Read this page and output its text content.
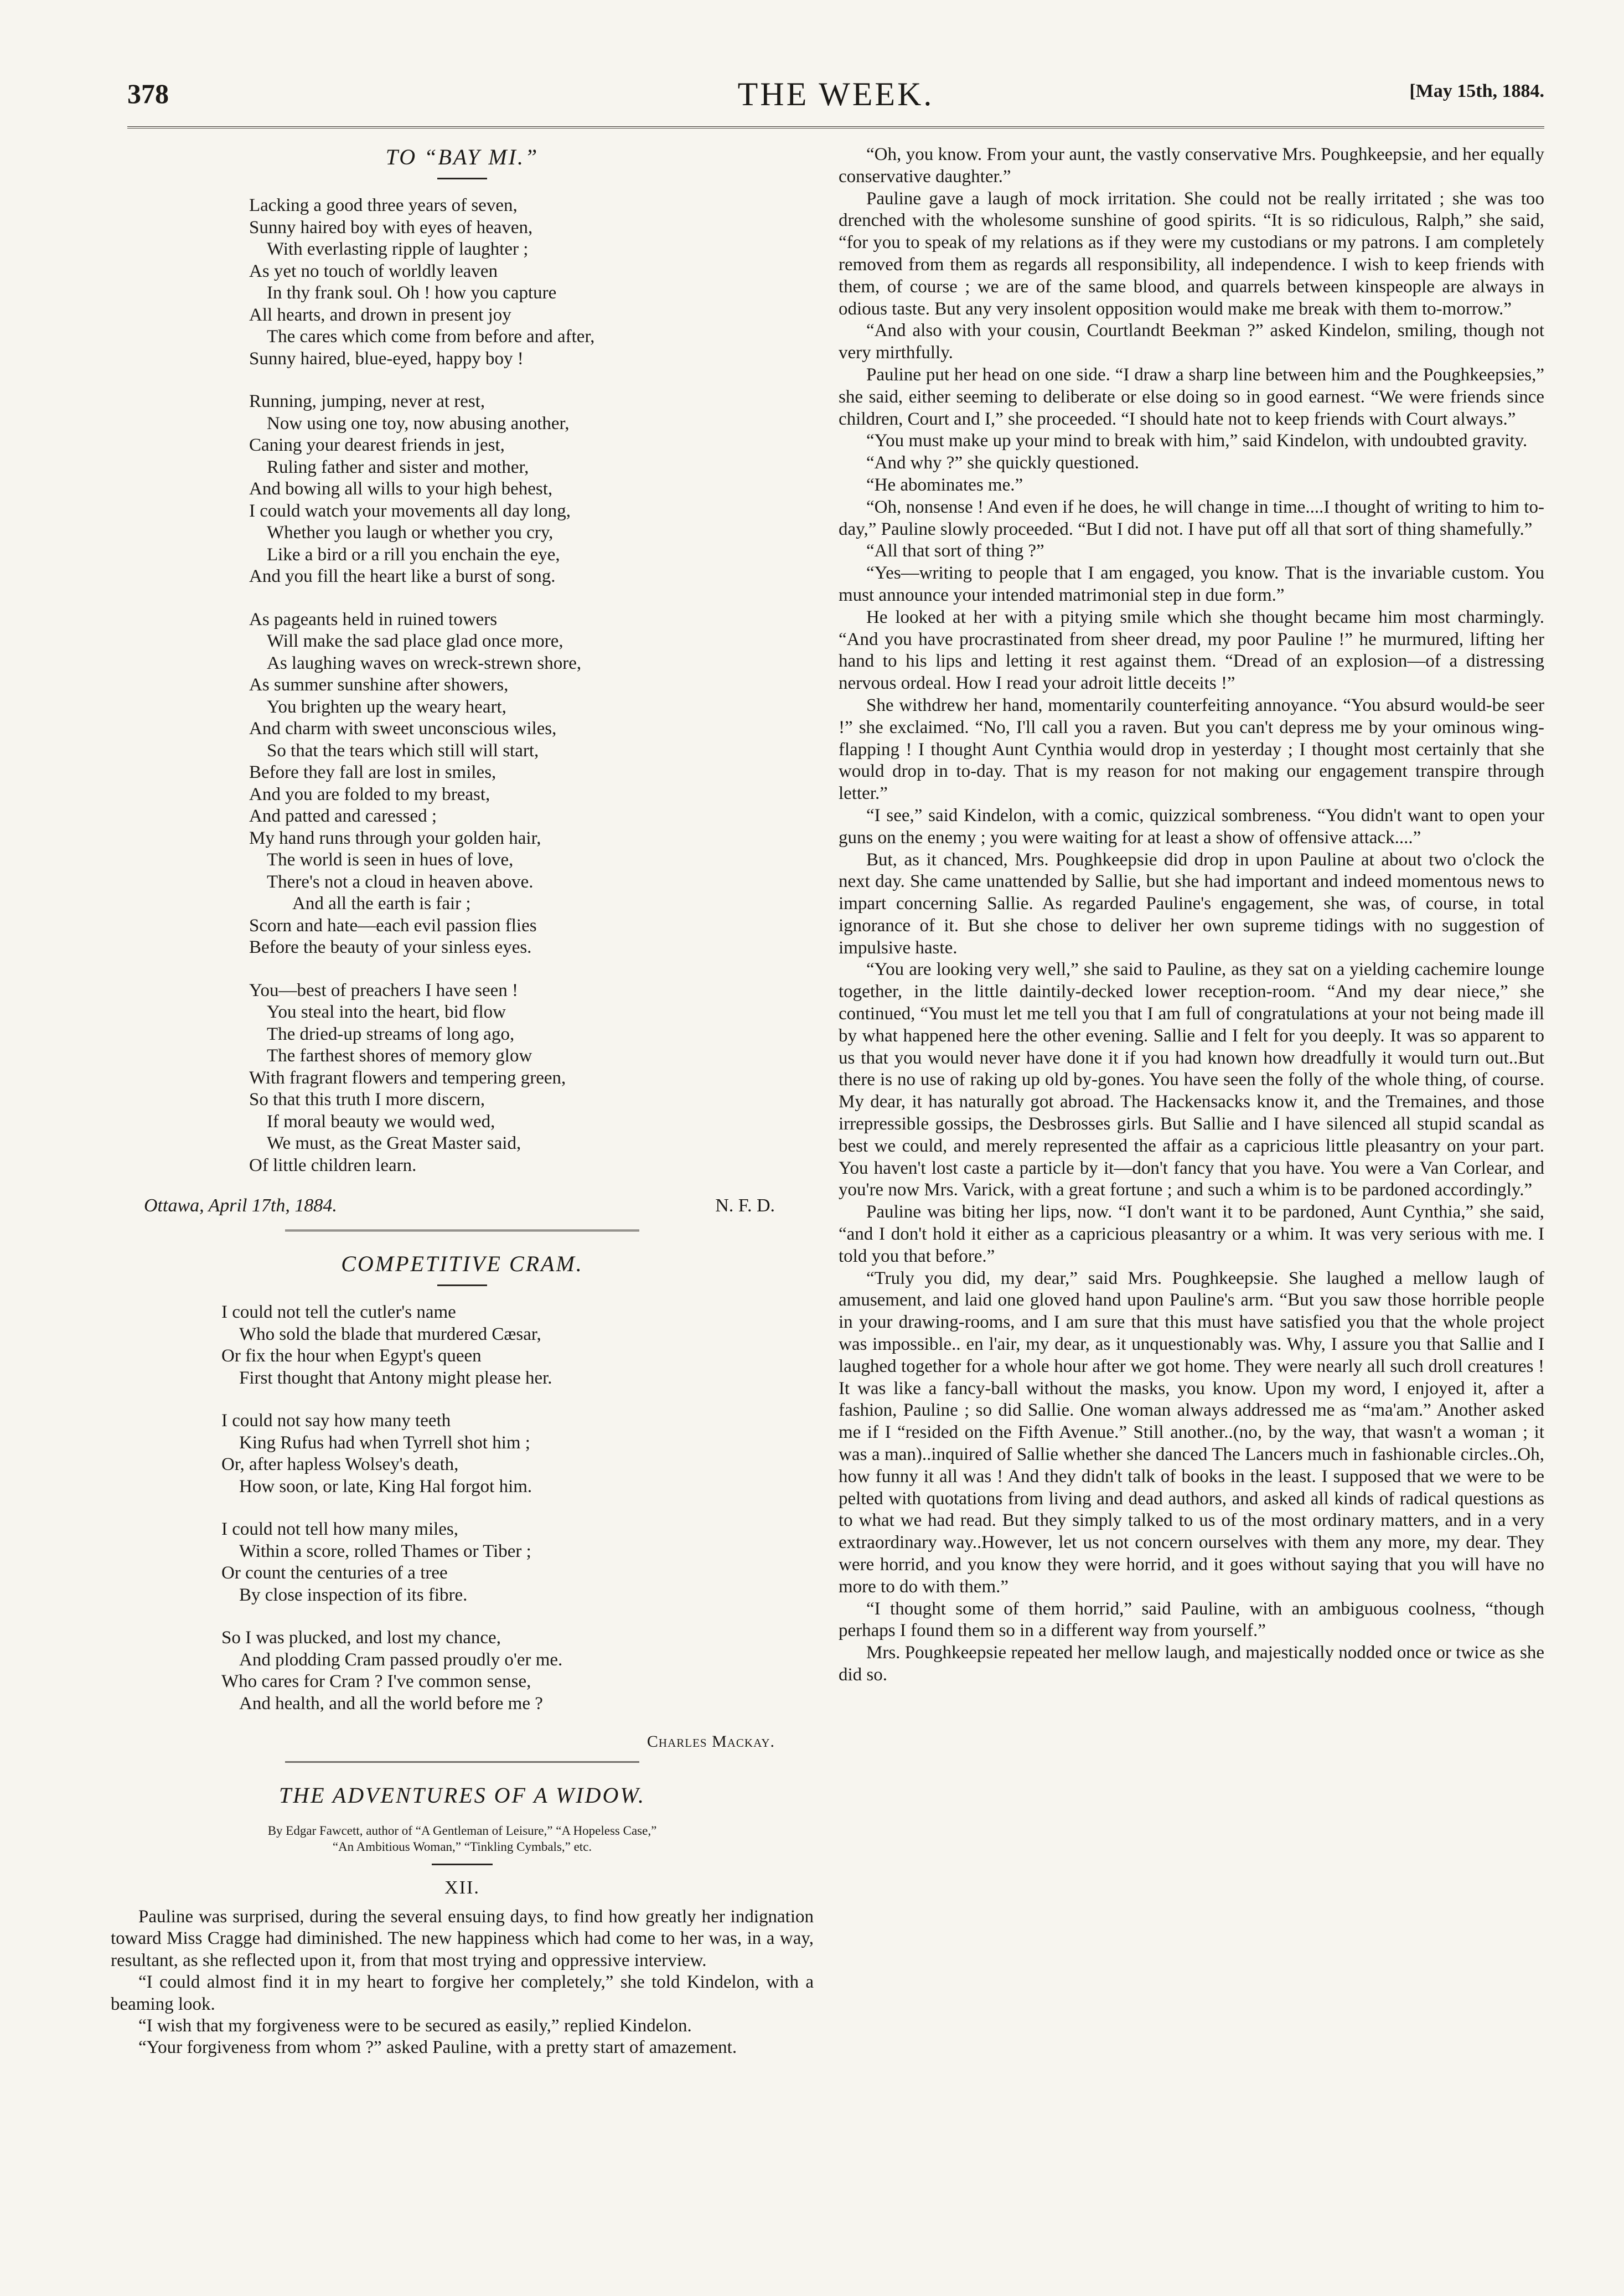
378	THE WEEK.	[May 15th, 1884.
TO “BAY MI.”
Lacking a good three years of seven,
Sunny haired boy with eyes of heaven,
With everlasting ripple of laughter ;
As yet no touch of worldly leaven
In thy frank soul. Oh ! how you capture
All hearts, and drown in present joy
The cares which come from before and after,
Sunny haired, blue-eyed, happy boy !
Running, jumping, never at rest,
Now using one toy, now abusing another,
Caning your dearest friends in jest,
Ruling father and sister and mother,
And bowing all wills to your high behest,
I could watch your movements all day long,
Whether you laugh or whether you cry,
Like a bird or a rill you enchain the eye,
And you fill the heart like a burst of song.
As pageants held in ruined towers
Will make the sad place glad once more,
As laughing waves on wreck-strewn shore,
As summer sunshine after showers,
You brighten up the weary heart,
And charm with sweet unconscious wiles,
So that the tears which still will start,
Before they fall are lost in smiles,
And you are folded to my breast,
And patted and caressed ;
My hand runs through your golden hair,
The world is seen in hues of love,
There's not a cloud in heaven above.
And all the earth is fair ;
Scorn and hate—each evil passion flies
Before the beauty of your sinless eyes.
You—best of preachers I have seen !
You steal into the heart, bid flow
The dried-up streams of long ago,
The farthest shores of memory glow
With fragrant flowers and tempering green,
So that this truth I more discern,
If moral beauty we would wed,
We must, as the Great Master said,
Of little children learn.
Ottawa, April 17th, 1884.	N. F. D.
COMPETITIVE CRAM.
I could not tell the cutler's name
Who sold the blade that murdered Cæsar,
Or fix the hour when Egypt's queen
First thought that Antony might please her.
I could not say how many teeth
King Rufus had when Tyrrell shot him ;
Or, after hapless Wolsey's death,
How soon, or late, King Hal forgot him.
I could not tell how many miles,
Within a score, rolled Thames or Tiber ;
Or count the centuries of a tree
By close inspection of its fibre.
So I was plucked, and lost my chance,
And plodding Cram passed proudly o'er me.
Who cares for Cram ? I've common sense,
And health, and all the world before me ?
Charles Mackay.
THE ADVENTURES OF A WIDOW.
By Edgar Fawcett, author of “A Gentleman of Leisure,” “A Hopeless Case,”
“An Ambitious Woman,” “Tinkling Cymbals,” etc.
XII.

Pauline was surprised, during the several ensuing days, to find how greatly her indignation toward Miss Cragge had diminished. The new happiness which had come to her was, in a way, resultant, as she reflected upon it, from that most trying and oppressive interview.

“I could almost find it in my heart to forgive her completely,” she told Kindelon, with a beaming look.

“I wish that my forgiveness were to be secured as easily,” replied Kindelon.

“Your forgiveness from whom ?” asked Pauline, with a pretty start of amazement.

“Oh, you know. From your aunt, the vastly conservative Mrs. Poughkeepsie, and her equally conservative daughter.”

Pauline gave a laugh of mock irritation. She could not be really irritated ; she was too drenched with the wholesome sunshine of good spirits. “It is so ridiculous, Ralph,” she said, “for you to speak of my relations as if they were my custodians or my patrons. I am completely removed from them as regards all responsibility, all independence. I wish to keep friends with them, of course ; we are of the same blood, and quarrels between kinspeople are always in odious taste. But any very insolent opposition would make me break with them to-morrow.”

“And also with your cousin, Courtlandt Beekman ?” asked Kindelon, smiling, though not very mirthfully.

Pauline put her head on one side. “I draw a sharp line between him and the Poughkeepsies,” she said, either seeming to deliberate or else doing so in good earnest. “We were friends since children, Court and I,” she proceeded. “I should hate not to keep friends with Court always.”

“You must make up your mind to break with him,” said Kindelon, with undoubted gravity.

“And why ?” she quickly questioned.

“He abominates me.”

“Oh, nonsense ! And even if he does, he will change in time....I thought of writing to him to-day,” Pauline slowly proceeded. “But I did not. I have put off all that sort of thing shamefully.”

“All that sort of thing ?”

“Yes—writing to people that I am engaged, you know. That is the invariable custom. You must announce your intended matrimonial step in due form.”

He looked at her with a pitying smile which she thought became him most charmingly. “And you have procrastinated from sheer dread, my poor Pauline !” he murmured, lifting her hand to his lips and letting it rest against them. “Dread of an explosion—of a distressing nervous ordeal. How I read your adroit little deceits !”

She withdrew her hand, momentarily counterfeiting annoyance. “You absurd would-be seer !” she exclaimed. “No, I'll call you a raven. But you can't depress me by your ominous wing-flapping ! I thought Aunt Cynthia would drop in yesterday ; I thought most certainly that she would drop in to-day. That is my reason for not making our engagement transpire through letter.”

“I see,” said Kindelon, with a comic, quizzical sombreness. “You didn't want to open your guns on the enemy ; you were waiting for at least a show of offensive attack....”

But, as it chanced, Mrs. Poughkeepsie did drop in upon Pauline at about two o'clock the next day. She came unattended by Sallie, but she had important and indeed momentous news to impart concerning Sallie. As regarded Pauline's engagement, she was, of course, in total ignorance of it. But she chose to deliver her own supreme tidings with no suggestion of impulsive haste.

“You are looking very well,” she said to Pauline, as they sat on a yielding cachemire lounge together, in the little daintily-decked lower reception-room. “And my dear niece,” she continued, “You must let me tell you that I am full of congratulations at your not being made ill by what happened here the other evening. Sallie and I felt for you deeply. It was so apparent to us that you would never have done it if you had known how dreadfully it would turn out..But there is no use of raking up old by-gones. You have seen the folly of the whole thing, of course. My dear, it has naturally got abroad. The Hackensacks know it, and the Tremaines, and those irrepressible gossips, the Desbrosses girls. But Sallie and I have silenced all stupid scandal as best we could, and merely represented the affair as a capricious little pleasantry on your part. You haven't lost caste a particle by it—don't fancy that you have. You were a Van Corlear, and you're now Mrs. Varick, with a great fortune ; and such a whim is to be pardoned accordingly.”

Pauline was biting her lips, now. “I don't want it to be pardoned, Aunt Cynthia,” she said, “and I don't hold it either as a capricious pleasantry or a whim. It was very serious with me. I told you that before.”

“Truly you did, my dear,” said Mrs. Poughkeepsie. She laughed a mellow laugh of amusement, and laid one gloved hand upon Pauline's arm. “But you saw those horrible people in your drawing-rooms, and I am sure that this must have satisfied you that the whole project was impossible.. en l'air, my dear, as it unquestionably was. Why, I assure you that Sallie and I laughed together for a whole hour after we got home. They were nearly all such droll creatures ! It was like a fancy-ball without the masks, you know. Upon my word, I enjoyed it, after a fashion, Pauline ; so did Sallie. One woman always addressed me as “ma'am.” Another asked me if I “resided on the Fifth Avenue.” Still another..(no, by the way, that wasn't a woman ; it was a man)..inquired of Sallie whether she danced The Lancers much in fashionable circles..Oh, how funny it all was ! And they didn't talk of books in the least. I supposed that we were to be pelted with quotations from living and dead authors, and asked all kinds of radical questions as to what we had read. But they simply talked to us of the most ordinary matters, and in a very extraordinary way..However, let us not concern ourselves with them any more, my dear. They were horrid, and you know they were horrid, and it goes without saying that you will have no more to do with them.”

“I thought some of them horrid,” said Pauline, with an ambiguous coolness, “though perhaps I found them so in a different way from yourself.”

Mrs. Poughkeepsie repeated her mellow laugh, and majestically nodded once or twice as she did so.
